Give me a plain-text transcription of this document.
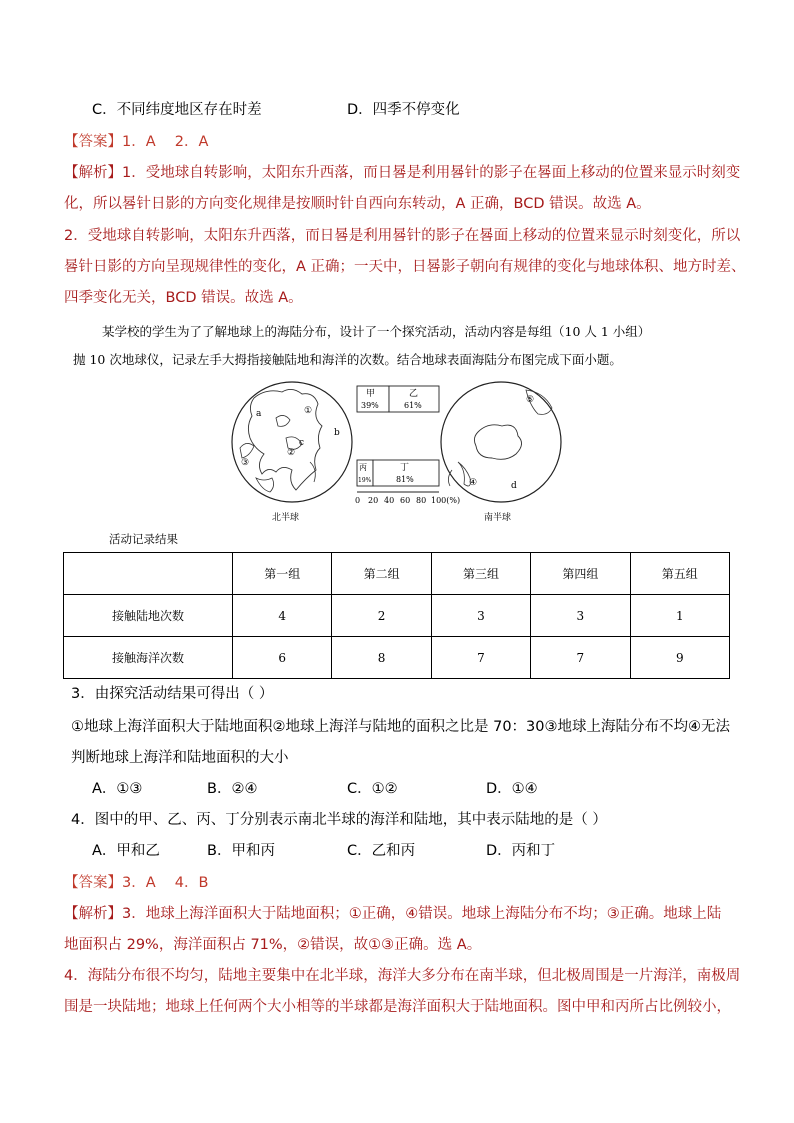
C．不同纬度地区存在时差	D．四季不停变化
【答案】1．A　 2．A
【解析】1．受地球自转影响，太阳东升西落，而日晷是利用晷针的影子在晷面上移动的位置来显示时刻变
化，所以晷针日影的方向变化规律是按顺时针自西向东转动，A 正确，BCD 错误。故选 A。
2．受地球自转影响，太阳东升西落，而日晷是利用晷针的影子在晷面上移动的位置来显示时刻变化，所以
晷针日影的方向呈现规律性的变化，A 正确；一天中，日晷影子朝向有规律的变化与地球体积、地方时差、
四季变化无关，BCD 错误。故选 A。
某学校的学生为了了解地球上的海陆分布，设计了一个探究活动，活动内容是每组（10 人 1 小组）
抛 10 次地球仪，记录左手大拇指接触陆地和海洋的次数。结合地球表面海陆分布图完成下面小题。
a
b
c
①
②
③
北半球
甲
39%
乙
61%
丙
19%
丁
81%
0 20 40 60 80 100(%)
⑤
④	d
南半球
活动记录结果
	第一组	第二组	第三组	第四组	第五组
接触陆地次数	4	2	3	3	1
接触海洋次数	6	8	7	7	9
3．由探究活动结果可得出（ ）
①地球上海洋面积大于陆地面积②地球上海洋与陆地的面积之比是 70：30③地球上海陆分布不均④无法
判断地球上海洋和陆地面积的大小
A．①③	B．②④	C．①②	D．①④
4．图中的甲、乙、丙、丁分别表示南北半球的海洋和陆地，其中表示陆地的是（ ）
A．甲和乙	B．甲和丙	C．乙和丙	D．丙和丁
【答案】3．A　 4．B
【解析】3．地球上海洋面积大于陆地面积；①正确，④错误。地球上海陆分布不均；③正确。地球上陆
地面积占 29%，海洋面积占 71%，②错误，故①③正确。选 A。
4．海陆分布很不均匀，陆地主要集中在北半球，海洋大多分布在南半球，但北极周围是一片海洋，南极周
围是一块陆地；地球上任何两个大小相等的半球都是海洋面积大于陆地面积。图中甲和丙所占比例较小，
